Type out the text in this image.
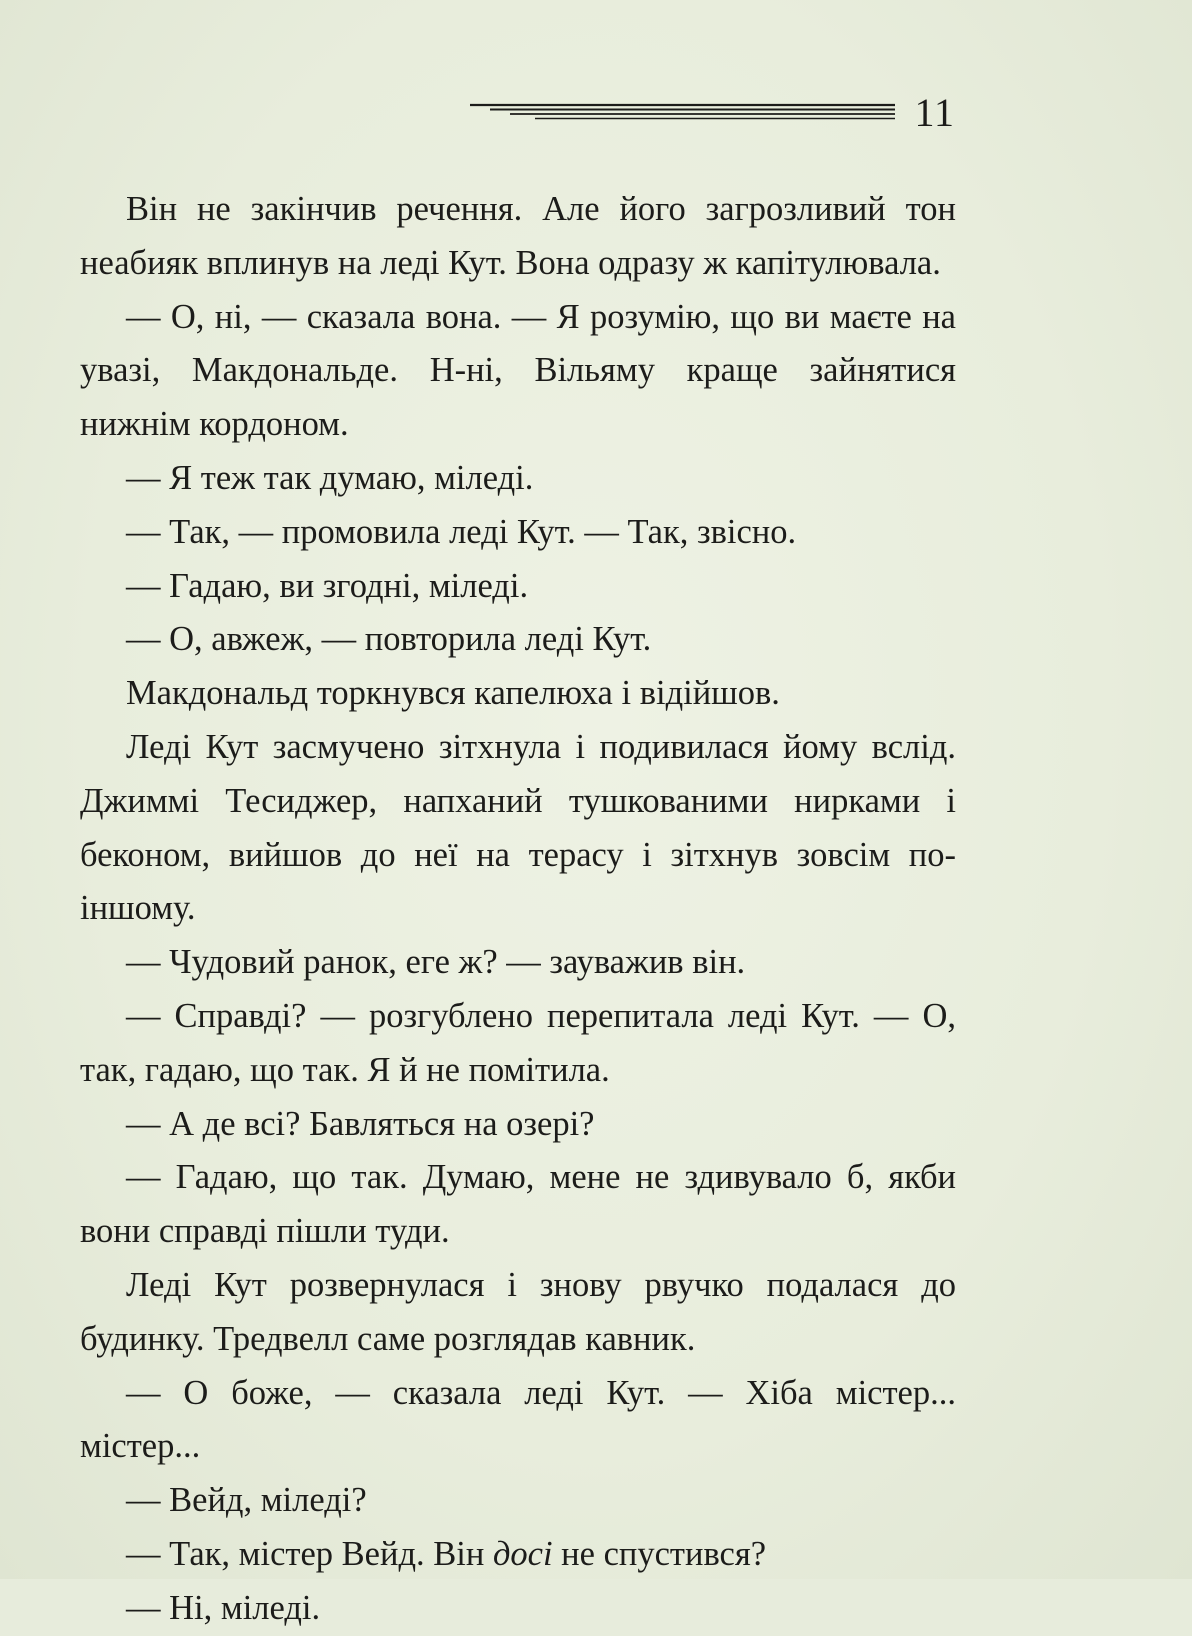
11

Він не закінчив речення. Але його загрозливий тон неабияк вплинув на леді Кут. Вона одразу ж капітулювала.

— О, ні, — сказала вона. — Я розумію, що ви маєте на увазі, Макдональде. Н-ні, Вільяму краще зайнятися нижнім кордоном.

— Я теж так думаю, міледі.

— Так, — промовила леді Кут. — Так, звісно.

— Гадаю, ви згодні, міледі.

— О, авжеж, — повторила леді Кут.

Макдональд торкнувся капелюха і відійшов.

Леді Кут засмучено зітхнула і подивилася йому вслід. Джиммі Тесиджер, напханий тушкованими нирками і беконом, вийшов до неї на терасу і зітхнув зовсім по-іншому.

— Чудовий ранок, еге ж? — зауважив він.

— Справді? — розгублено перепитала леді Кут. — О, так, гадаю, що так. Я й не помітила.

— А де всі? Бавляться на озері?

— Гадаю, що так. Думаю, мене не здивувало б, якби вони справді пішли туди.

Леді Кут розвернулася і знову рвучко подалася до будинку. Тредвелл саме розглядав кавник.

— О боже, — сказала леді Кут. — Хіба містер... містер...

— Вейд, міледі?

— Так, містер Вейд. Він досі не спустився?

— Ні, міледі.
